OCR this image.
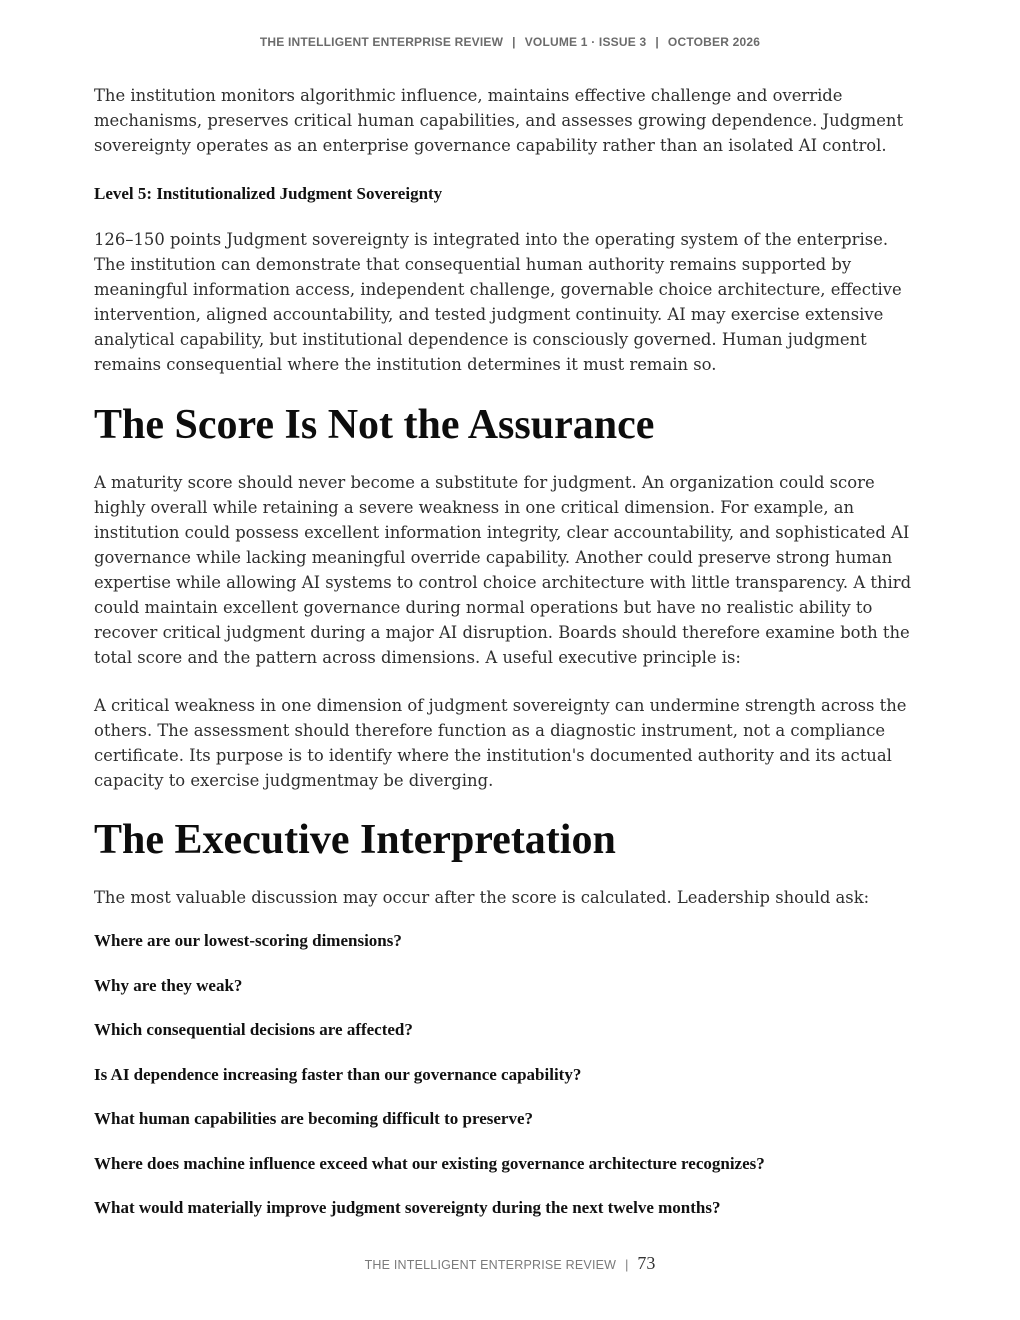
THE INTELLIGENT ENTERPRISE REVIEW | VOLUME 1 · ISSUE 3 | OCTOBER 2026

The institution monitors algorithmic influence, maintains effective challenge and override mechanisms, preserves critical human capabilities, and assesses growing dependence. Judgment sovereignty operates as an enterprise governance capability rather than an isolated AI control.

Level 5: Institutionalized Judgment Sovereignty

126–150 points Judgment sovereignty is integrated into the operating system of the enterprise. The institution can demonstrate that consequential human authority remains supported by meaningful information access, independent challenge, governable choice architecture, effective intervention, aligned accountability, and tested judgment continuity. AI may exercise extensive analytical capability, but institutional dependence is consciously governed. Human judgment remains consequential where the institution determines it must remain so.

The Score Is Not the Assurance

A maturity score should never become a substitute for judgment. An organization could score highly overall while retaining a severe weakness in one critical dimension. For example, an institution could possess excellent information integrity, clear accountability, and sophisticated AI governance while lacking meaningful override capability. Another could preserve strong human expertise while allowing AI systems to control choice architecture with little transparency. A third could maintain excellent governance during normal operations but have no realistic ability to recover critical judgment during a major AI disruption. Boards should therefore examine both the total score and the pattern across dimensions. A useful executive principle is:

A critical weakness in one dimension of judgment sovereignty can undermine strength across the others. The assessment should therefore function as a diagnostic instrument, not a compliance certificate. Its purpose is to identify where the institution's documented authority and its actual capacity to exercise judgmentmay be diverging.

The Executive Interpretation

The most valuable discussion may occur after the score is calculated. Leadership should ask:

Where are our lowest-scoring dimensions?

Why are they weak?

Which consequential decisions are affected?

Is AI dependence increasing faster than our governance capability?

What human capabilities are becoming difficult to preserve?

Where does machine influence exceed what our existing governance architecture recognizes?

What would materially improve judgment sovereignty during the next twelve months?

THE INTELLIGENT ENTERPRISE REVIEW | 73
